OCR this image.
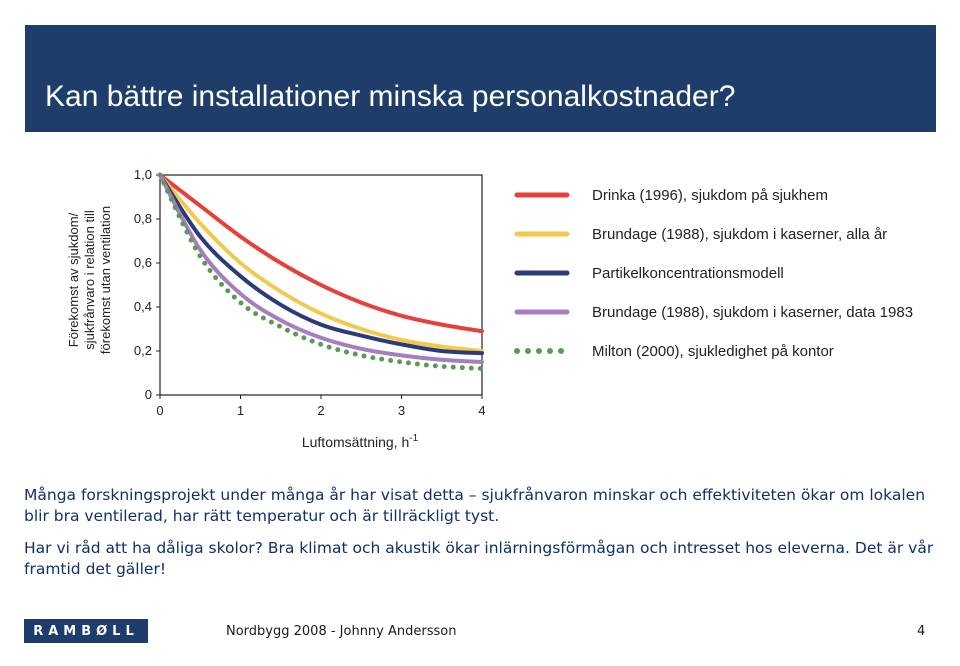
Kan bättre installationer minska personalkostnader?
0
0,2
0,4
0,6
0,8
1,0
0	1	2	3	4
Luftomsättning, $h^{-1}$
Förekomst av sjukdom/ sjukfrånvaro i relation till förekomst utan ventilation
Drinka (1996), sjukdom på sjukhem
Brundage (1988), sjukdom i kaserner, alla år
Partikelkoncentrationsmodell
Brundage (1988), sjukdom i kaserner, data 1983
Milton (2000), sjukledighet på kontor

Många forskningsprojekt under många år har visat detta – sjukfrånvaron minskar och effektiviteten ökar om lokalen blir bra ventilerad, har rätt temperatur och är tillräckligt tyst.

Har vi råd att ha dåliga skolor? Bra klimat och akustik ökar inlärningsförmågan och intresset hos eleverna. Det är vår framtid det gäller!

RAMBØLL	Nordbygg 2008 - Johnny Andersson	4
